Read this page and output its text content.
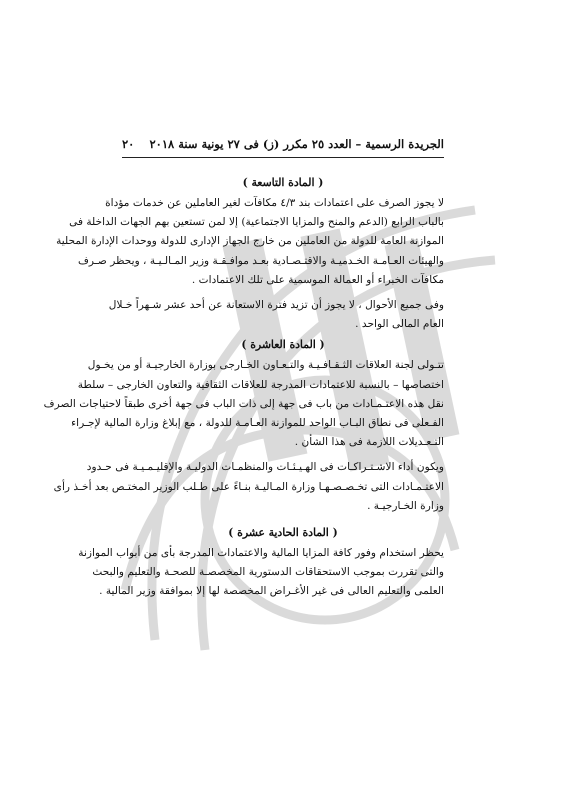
الجريدة الرسمية – العدد ٢٥ مكرر (ز) فى ٢٧ يونية سنة ٢٠١٨
٢٠

( المادة التاسعة )

لا يجوز الصرف على اعتمادات بند ٤/٣ مكافآت لغير العاملين عن خدمات مؤداة

بالباب الرابع (الدعم والمنح والمزايا الاجتماعية) إلا لمن تستعين بهم الجهات الداخلة فى

الموازنة العامة للدولة من العاملين من خارج الجهاز الإدارى للدولة ووحدات الإدارة المحلية

والهيئات العـامـة الخـدميـة والاقتـصـادية بعـد موافـقـة وزير المـالـيـة ، ويحظر صـرف

مكافآت الخبراء أو العمالة الموسمية على تلك الاعتمادات .

وفى جميع الأحوال ، لا يجوز أن تزيد فترة الاستعانة عن أحد عشر شـهراً خـلال

العام المالى الواحد .

( المادة العاشرة )

تتـولى لجنة العلاقات الثـقـافـيـة والتـعـاون الخـارجى بوزارة الخارجيـة أو من يخـول

اختصاصها – بالنسبة للاعتمادات المدرجة للعلاقات الثقافية والتعاون الخارجى – سلطة

نقل هذه الاعتـمـادات من باب فى جهة إلى ذات الباب فى جهة أخرى طبقاً لاحتياجات الصرف

الفـعلى فى نطاق البـاب الواحد للموازنة العـامـة للدولة ، مع إبلاغ وزارة المالية لإجـراء

التـعـديلات اللازمة فى هذا الشأن .

ويكون أداء الاشـتـراكـات فى الهـيـئـات والمنظمـات الدوليـة والإقليـمـيـة فى حـدود

الاعتـمـادات التى تخـصـصـهـا وزارة المـاليـة بنـاءً على طـلب الوزير المختـص بعد أخـذ رأى

وزارة الخـارجيـة .

( المادة الحادية عشرة )

يحظر استخدام وفور كافة المزايا المالية والاعتمادات المدرجة بأى من أبواب الموازنة

والتى تقررت بموجب الاستحقاقات الدستورية المخصصـة للصحـة والتعليم والبحث

العلمى والتعليم العالى فى غير الأغـراض المخصصة لها إلا بموافقة وزير المالية .
